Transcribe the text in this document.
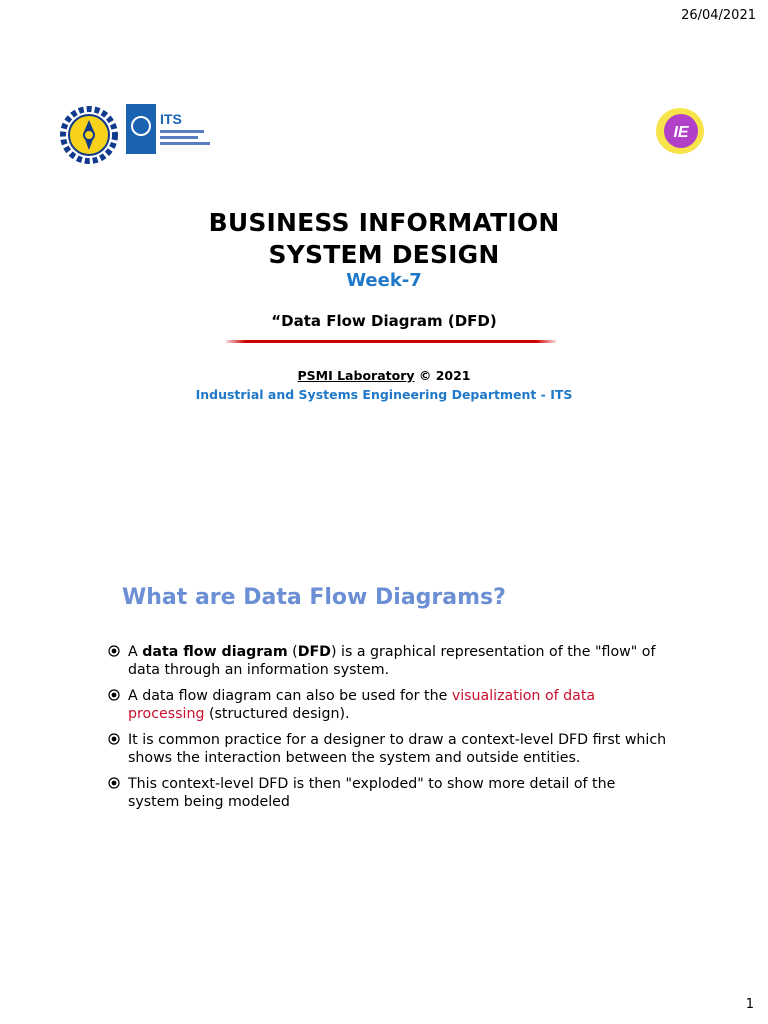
26/04/2021
ITS
IE
BUSINESS INFORMATION
SYSTEM DESIGN
Week-7
“Data Flow Diagram (DFD)
PSMI Laboratory © 2021
Industrial and Systems Engineering Department - ITS
What are Data Flow Diagrams?
A data flow diagram (DFD) is a graphical representation of the "flow" of data through an information system.
A data flow diagram can also be used for the visualization of data processing (structured design).
It is common practice for a designer to draw a context-level DFD first which shows the interaction between the system and outside entities.
This context-level DFD is then "exploded" to show more detail of the system being modeled
1
